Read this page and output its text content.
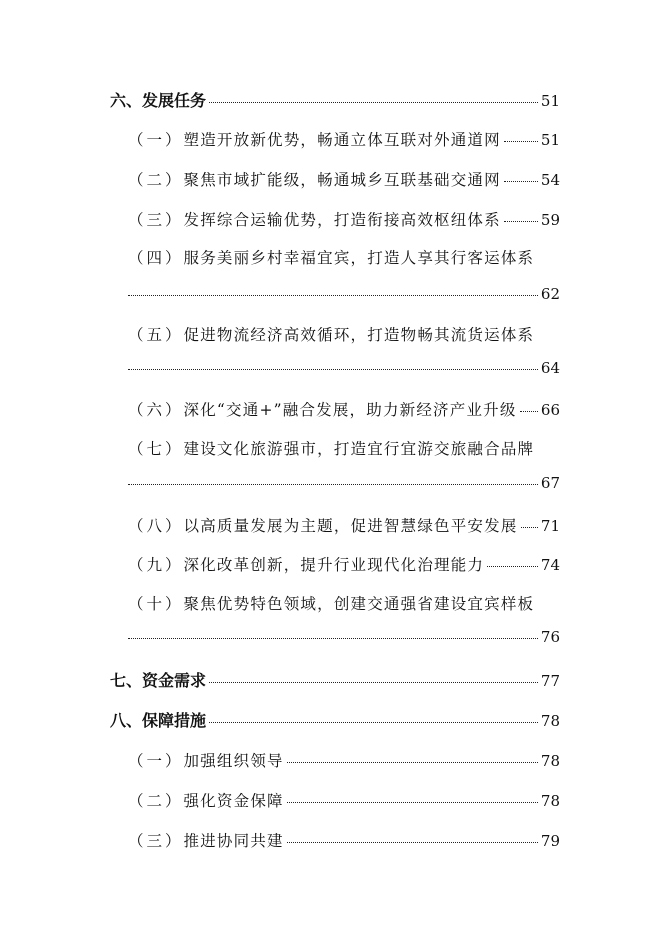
六、发展任务	51
（一） 塑造开放新优势，畅通立体互联对外通道网	51
（二） 聚焦市域扩能级，畅通城乡互联基础交通网	54
（三） 发挥综合运输优势，打造衔接高效枢纽体系	59
（四）服务美丽乡村幸福宜宾，打造人享其行客运体系
62
（五）促进物流经济高效循环，打造物畅其流货运体系
64
（六） 深化“交通+”融合发展，助力新经济产业升级 66
（七）建设文化旅游强市，打造宜行宜游交旅融合品牌
67
（八） 以高质量发展为主题，促进智慧绿色平安发展 71
（九） 深化改革创新，提升行业现代化治理能力	74
（十）聚焦优势特色领域，创建交通强省建设宜宾样板
76
七、资金需求	77
八、保障措施	78
（一） 加强组织领导	78
（二） 强化资金保障	78
（三） 推进协同共建	79
